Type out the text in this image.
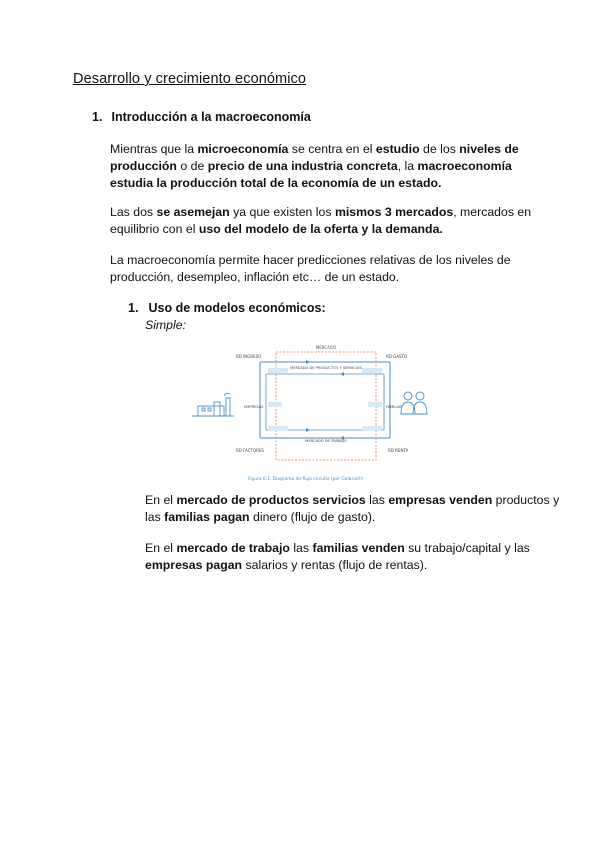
Desarrollo y crecimiento económico
1. Introducción a la macroeconomía
Mientras que la microeconomía se centra en el estudio de los niveles de producción o de precio de una industria concreta, la macroeconomía estudia la producción total de la economía de un estado.
Las dos se asemejan ya que existen los mismos 3 mercados, mercados en equilibrio con el uso del modelo de la oferta y la demanda.
La macroeconomía permite hacer predicciones relativas de los niveles de producción, desempleo, inflación etc… de un estado.
1. Uso de modelos económicos:
Simple:
MERCADO
RD INGRESO	RD GASTO
MERCADO DE PRODUCTOS Y SERVICIOS
MERCADO DE TRABAJO
EMPRESAS	FAMILIAS
RD FACTORES	RD RENTA
Figura 6.1. Diagrama de flujo circular (por Galbraith)
En el mercado de productos servicios las empresas venden productos y las familias pagan dinero (flujo de gasto).
En el mercado de trabajo las familias venden su trabajo/capital y las empresas pagan salarios y rentas (flujo de rentas).
